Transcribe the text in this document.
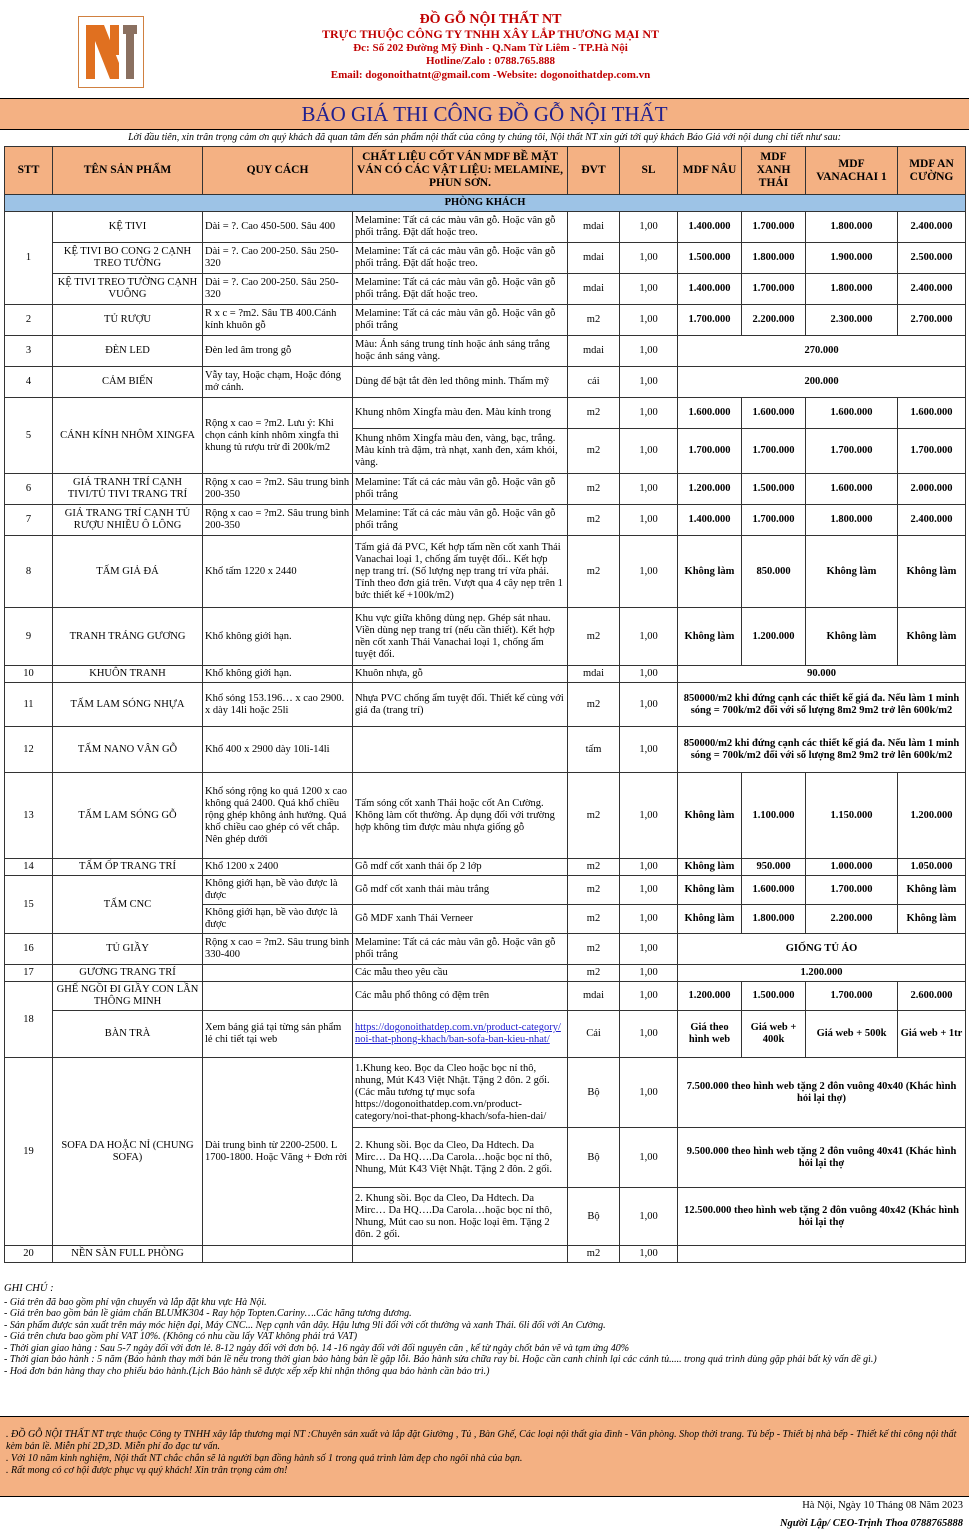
ĐỒ GỖ NỘI THẤT NT
TRỰC THUỘC CÔNG TY TNHH XÂY LẮP THƯƠNG MẠI NT
Đc: Số 202 Đường Mỹ Đình - Q.Nam Từ Liêm - TP.Hà Nội
Hotline/Zalo : 0788.765.888
Email: dogonoithatnt@gmail.com -Website: dogonoithatdep.com.vn
BÁO GIÁ THI CÔNG ĐỒ GỖ NỘI THẤT
Lời đầu tiên, xin trân trọng cảm ơn quý khách đã quan tâm đến sản phẩm nội thất của công ty chúng tôi, Nội thất NT xin gửi tới quý khách Báo Giá với nội dung chi tiết như sau:
STT	TÊN SẢN PHẨM	QUY CÁCH	CHẤT LIỆU CỐT VÁN MDF BỀ MẶT VÁN CÓ CÁC VẬT LIỆU: MELAMINE, PHUN SƠN.	ĐVT	SL	MDF NÂU	MDF XANH THÁI	MDF VANACHAI 1	MDF AN CƯỜNG
PHÒNG KHÁCH									
1	KỆ TIVI	Dài = ?. Cao 450-500. Sâu 400	Melamine: Tất cả các màu vân gỗ. Hoặc vân gỗ phối trắng. Đặt dất hoặc treo.	mdai	1,00	1.400.000	1.700.000	1.800.000	2.400.000
	KỆ TIVI BO CONG 2 CẠNH TREO TƯỜNG	Dài = ?. Cao 200-250. Sâu 250-320	Melamine: Tất cả các màu vân gỗ. Hoặc vân gỗ phối trắng. Đặt dất hoặc treo.	mdai	1,00	1.500.000	1.800.000	1.900.000	2.500.000
	KỆ TIVI TREO TƯỜNG CẠNH VUÔNG	Dài = ?. Cao 200-250. Sâu 250-320	Melamine: Tất cả các màu vân gỗ. Hoặc vân gỗ phối trắng. Đặt dất hoặc treo.	mdai	1,00	1.400.000	1.700.000	1.800.000	2.400.000
2	TỦ RƯỢU	R x c = ?m2. Sâu TB 400.Cánh kính khuôn gỗ	Melamine: Tất cả các màu vân gỗ. Hoặc vân gỗ phối trắng	m2	1,00	1.700.000	2.200.000	2.300.000	2.700.000
3	ĐÈN LED	Đèn led âm trong gỗ	Màu: Ánh sáng trung tính hoặc ánh sáng trắng hoặc ánh sáng vàng.	mdai	1,00	270.000			
4	CẢM BIẾN	Vẫy tay, Hoặc chạm, Hoặc đóng mở cánh.	Dùng để bật tắt đèn led thông minh. Thẩm mỹ	cái	1,00	200.000			
5	CÁNH KÍNH NHÔM XINGFA	Rộng x cao = ?m2. Lưu ý: Khi chọn cánh kính nhôm xingfa thì khung tủ rượu trừ đi 200k/m2	Khung nhôm Xingfa màu đen. Màu kính trong	m2	1,00	1.600.000	1.600.000	1.600.000	1.600.000
			Khung nhôm Xingfa màu đen, vàng, bạc, trắng. Màu kính trà đậm, trà nhạt, xanh đen, xám khói, vàng.	m2	1,00	1.700.000	1.700.000	1.700.000	1.700.000
6	GIÁ TRANH TRÍ CẠNH TIVI/TỦ TIVI TRANG TRÍ	Rộng x cao = ?m2. Sâu trung bình 200-350	Melamine: Tất cả các màu vân gỗ. Hoặc vân gỗ phối trắng	m2	1,00	1.200.000	1.500.000	1.600.000	2.000.000
7	GIÁ TRANG TRÍ CẠNH TỦ RƯỢU NHIỀU Ô LÔNG	Rộng x cao = ?m2. Sâu trung bình 200-350	Melamine: Tất cả các màu vân gỗ. Hoặc vân gỗ phối trắng	m2	1,00	1.400.000	1.700.000	1.800.000	2.400.000
8	TẤM GIẢ ĐÁ	Khổ tấm 1220 x 2440	Tấm giả đá PVC, Kết hợp tấm nền cốt xanh Thái Vanachai loại 1, chống ẩm tuyệt đối.. Kết hợp nẹp trang trí. (Số lượng nẹp trang trí vừa phải. Tính theo đơn giá trên. Vượt qua 4 cây nẹp trên 1 bức thiết kế +100k/m2)	m2	1,00	Không làm	850.000	Không làm	Không làm
9	TRANH TRÁNG GƯƠNG	Khổ không giới hạn.	Khu vực giữa không dùng nẹp. Ghép sát nhau. Viền dùng nẹp trang trí (nếu cần thiết). Kết hợp nền cốt xanh Thái Vanachai loại 1, chống ẩm tuyệt đối.	m2	1,00	Không làm	1.200.000	Không làm	Không làm
10	KHUÔN TRANH	Khổ không giới hạn.	Khuôn nhựa, gỗ	mdai	1,00	90.000			
11	TẤM LAM SÓNG NHỰA	Khổ sóng 153.196… x cao 2900. x dày 14li hoặc 25li	Nhựa PVC chống ẩm tuyệt đối. Thiết kế cùng với giá đa (trang trí)	m2	1,00	850000/m2 khi đứng cạnh các thiết kế giá đa. Nếu làm 1 minh sóng = 700k/m2 đối với số lượng 8m2 9m2 trở lên 600k/m2			
12	TẤM NANO VÂN GỖ	Khổ 400 x 2900 dày 10li-14li		tấm	1,00	850000/m2 khi đứng cạnh các thiết kế giá đa. Nếu làm 1 minh sóng = 700k/m2 đối với số lượng 8m2 9m2 trở lên 600k/m2			
13	TẤM LAM SÓNG GỖ	Khổ sóng rộng ko quá 1200 x cao không quá 2400. Quá khổ chiều rộng ghép không ảnh hưởng. Quá khổ chiều cao ghép có vết chắp. Nên ghép dưới	Tấm sóng cốt xanh Thái hoặc cốt An Cường. Không làm cốt thường. Áp dụng đối với trường hợp không tìm được màu nhựa giống gỗ	m2	1,00	Không làm	1.100.000	1.150.000	1.200.000
14	TẤM ỐP TRANG TRÍ	Khổ 1200 x 2400	Gỗ mdf cốt xanh thái ốp 2 lớp	m2	1,00	Không làm	950.000	1.000.000	1.050.000
15	TẤM CNC	Không giới hạn, bề vào được là được	Gỗ mdf cốt xanh thái màu trắng	m2	1,00	Không làm	1.600.000	1.700.000	Không làm
		Không giới hạn, bề vào được là được	Gỗ MDF xanh Thái Verneer	m2	1,00	Không làm	1.800.000	2.200.000	Không làm
16	TỦ GIẦY	Rộng x cao = ?m2. Sâu trung bình 330-400	Melamine: Tất cả các màu vân gỗ. Hoặc vân gỗ phối trắng	m2	1,00	GIỐNG TỦ ÁO			
17	GƯƠNG TRANG TRÍ		Các mẫu theo yêu cầu	m2	1,00	1.200.000			
18	GHẾ NGỒI ĐI GIẦY CON LẦN THÔNG MINH		Các mẫu phổ thông có đệm trên	mdai	1,00	1.200.000	1.500.000	1.700.000	2.600.000
	BÀN TRÀ	Xem bảng giá tại từng sản phẩm lẻ chi tiết tại web	https://dogonoithatdep.com.vn/product-category/noi-that-phong-khach/ban-sofa-ban-kieu-nhat/	Cái	1,00	Giá theo hình web	Giá web + 400k	Giá web + 500k	Giá web + 1tr
19	SOFA DA HOẶC NỈ (CHUNG SOFA)	Dài trung bình từ 2200-2500. L 1700-1800. Hoặc Văng + Đơn rời	1.Khung keo. Bọc da Cleo hoặc bọc nỉ thô, nhung, Mút K43 Việt Nhật. Tặng 2 đôn. 2 gối. (Các mẫu tương tự mục sofa https://dogonoithatdep.com.vn/product-category/noi-that-phong-khach/sofa-hien-dai/	Bộ	1,00	7.500.000 theo hình web tặng 2 đôn vuông 40x40 (Khác hình hỏi lại thợ)			
			2. Khung sồi. Bọc da Cleo, Da Hdtech. Da Mirc… Da HQ….Da Carola…hoặc bọc nỉ thô, Nhung, Mút K43 Việt Nhật. Tặng 2 đôn. 2 gối.	Bộ	1,00	9.500.000 theo hình web tặng 2 đôn vuông 40x41 (Khác hình hỏi lại thợ			
			2. Khung sồi. Bọc da Cleo, Da Hdtech. Da Mirc… Da HQ….Da Carola…hoặc bọc nỉ thô, Nhung, Mút cao su non. Hoặc loại êm. Tặng 2 đôn. 2 gối.	Bộ	1,00	12.500.000 theo hình web tặng 2 đôn vuông 40x42 (Khác hình hỏi lại thợ			
20	NỀN SÀN FULL PHÒNG			m2	1,00				
GHI CHÚ :
- Giá trên đã bao gồm phí vận chuyển và lắp đặt khu vực Hà Nội.
- Giá trên bao gồm bản lề giảm chấn BLUMK304 - Ray hộp Topten.Cariny….Các hãng tương đương.
- Sản phẩm được sản xuất trên máy móc hiện đại, Máy CNC... Nẹp cạnh vân dây. Hậu lưng 9li đối với cốt thường và xanh Thái. 6li đối với An Cường.
- Giá trên chưa bao gồm phí VAT 10%. (Không có nhu cầu lấy VAT không phải trả VAT)
- Thời gian giao hàng : Sau 5-7 ngày đối với đơn lẻ. 8-12 ngày đối với đơn bộ. 14 -16 ngày đối với đối nguyên căn , kể từ ngày chốt bản vẽ và tạm ứng 40%
- Thời gian bảo hành : 5 năm (Bảo hành thay mới bản lề nếu trong thời gian bảo hàng bản lề gặp lỗi. Bảo hành sửa chữa ray bi. Hoặc cần canh chỉnh lại các cánh tủ..... trong quá trình dùng gặp phải bất kỳ vấn đề gì.)
- Hoá đơn bán hàng thay cho phiếu bảo hành.(Lịch Bảo hành sẽ được xếp xếp khi nhận thông qua bảo hành cần bảo trì.)
. ĐỒ GỖ NỘI THẤT NT trực thuộc Công ty TNHH xây lắp thương mại NT :Chuyên sản xuất và lắp đặt Giường , Tủ , Bàn Ghế, Các loại nội thất gia đình - Văn phòng. Shop thời trang. Tủ bếp - Thiết bị nhà bếp - Thiết kế thi công nội thất kèm bản lề. Miễn phí 2D,3D. Miễn phí đo đạc tư vấn.
. Với 10 năm kinh nghiệm, Nội thất NT chắc chắn sẽ là người bạn đồng hành số 1 trong quá trình làm đẹp cho ngôi nhà của bạn.
. Rất mong có cơ hội được phục vụ quý khách! Xin trân trọng cảm ơn!
Hà Nội, Ngày 10 Tháng 08 Năm 2023
Người Lập/ CEO-Trịnh Thoa 0788765888
